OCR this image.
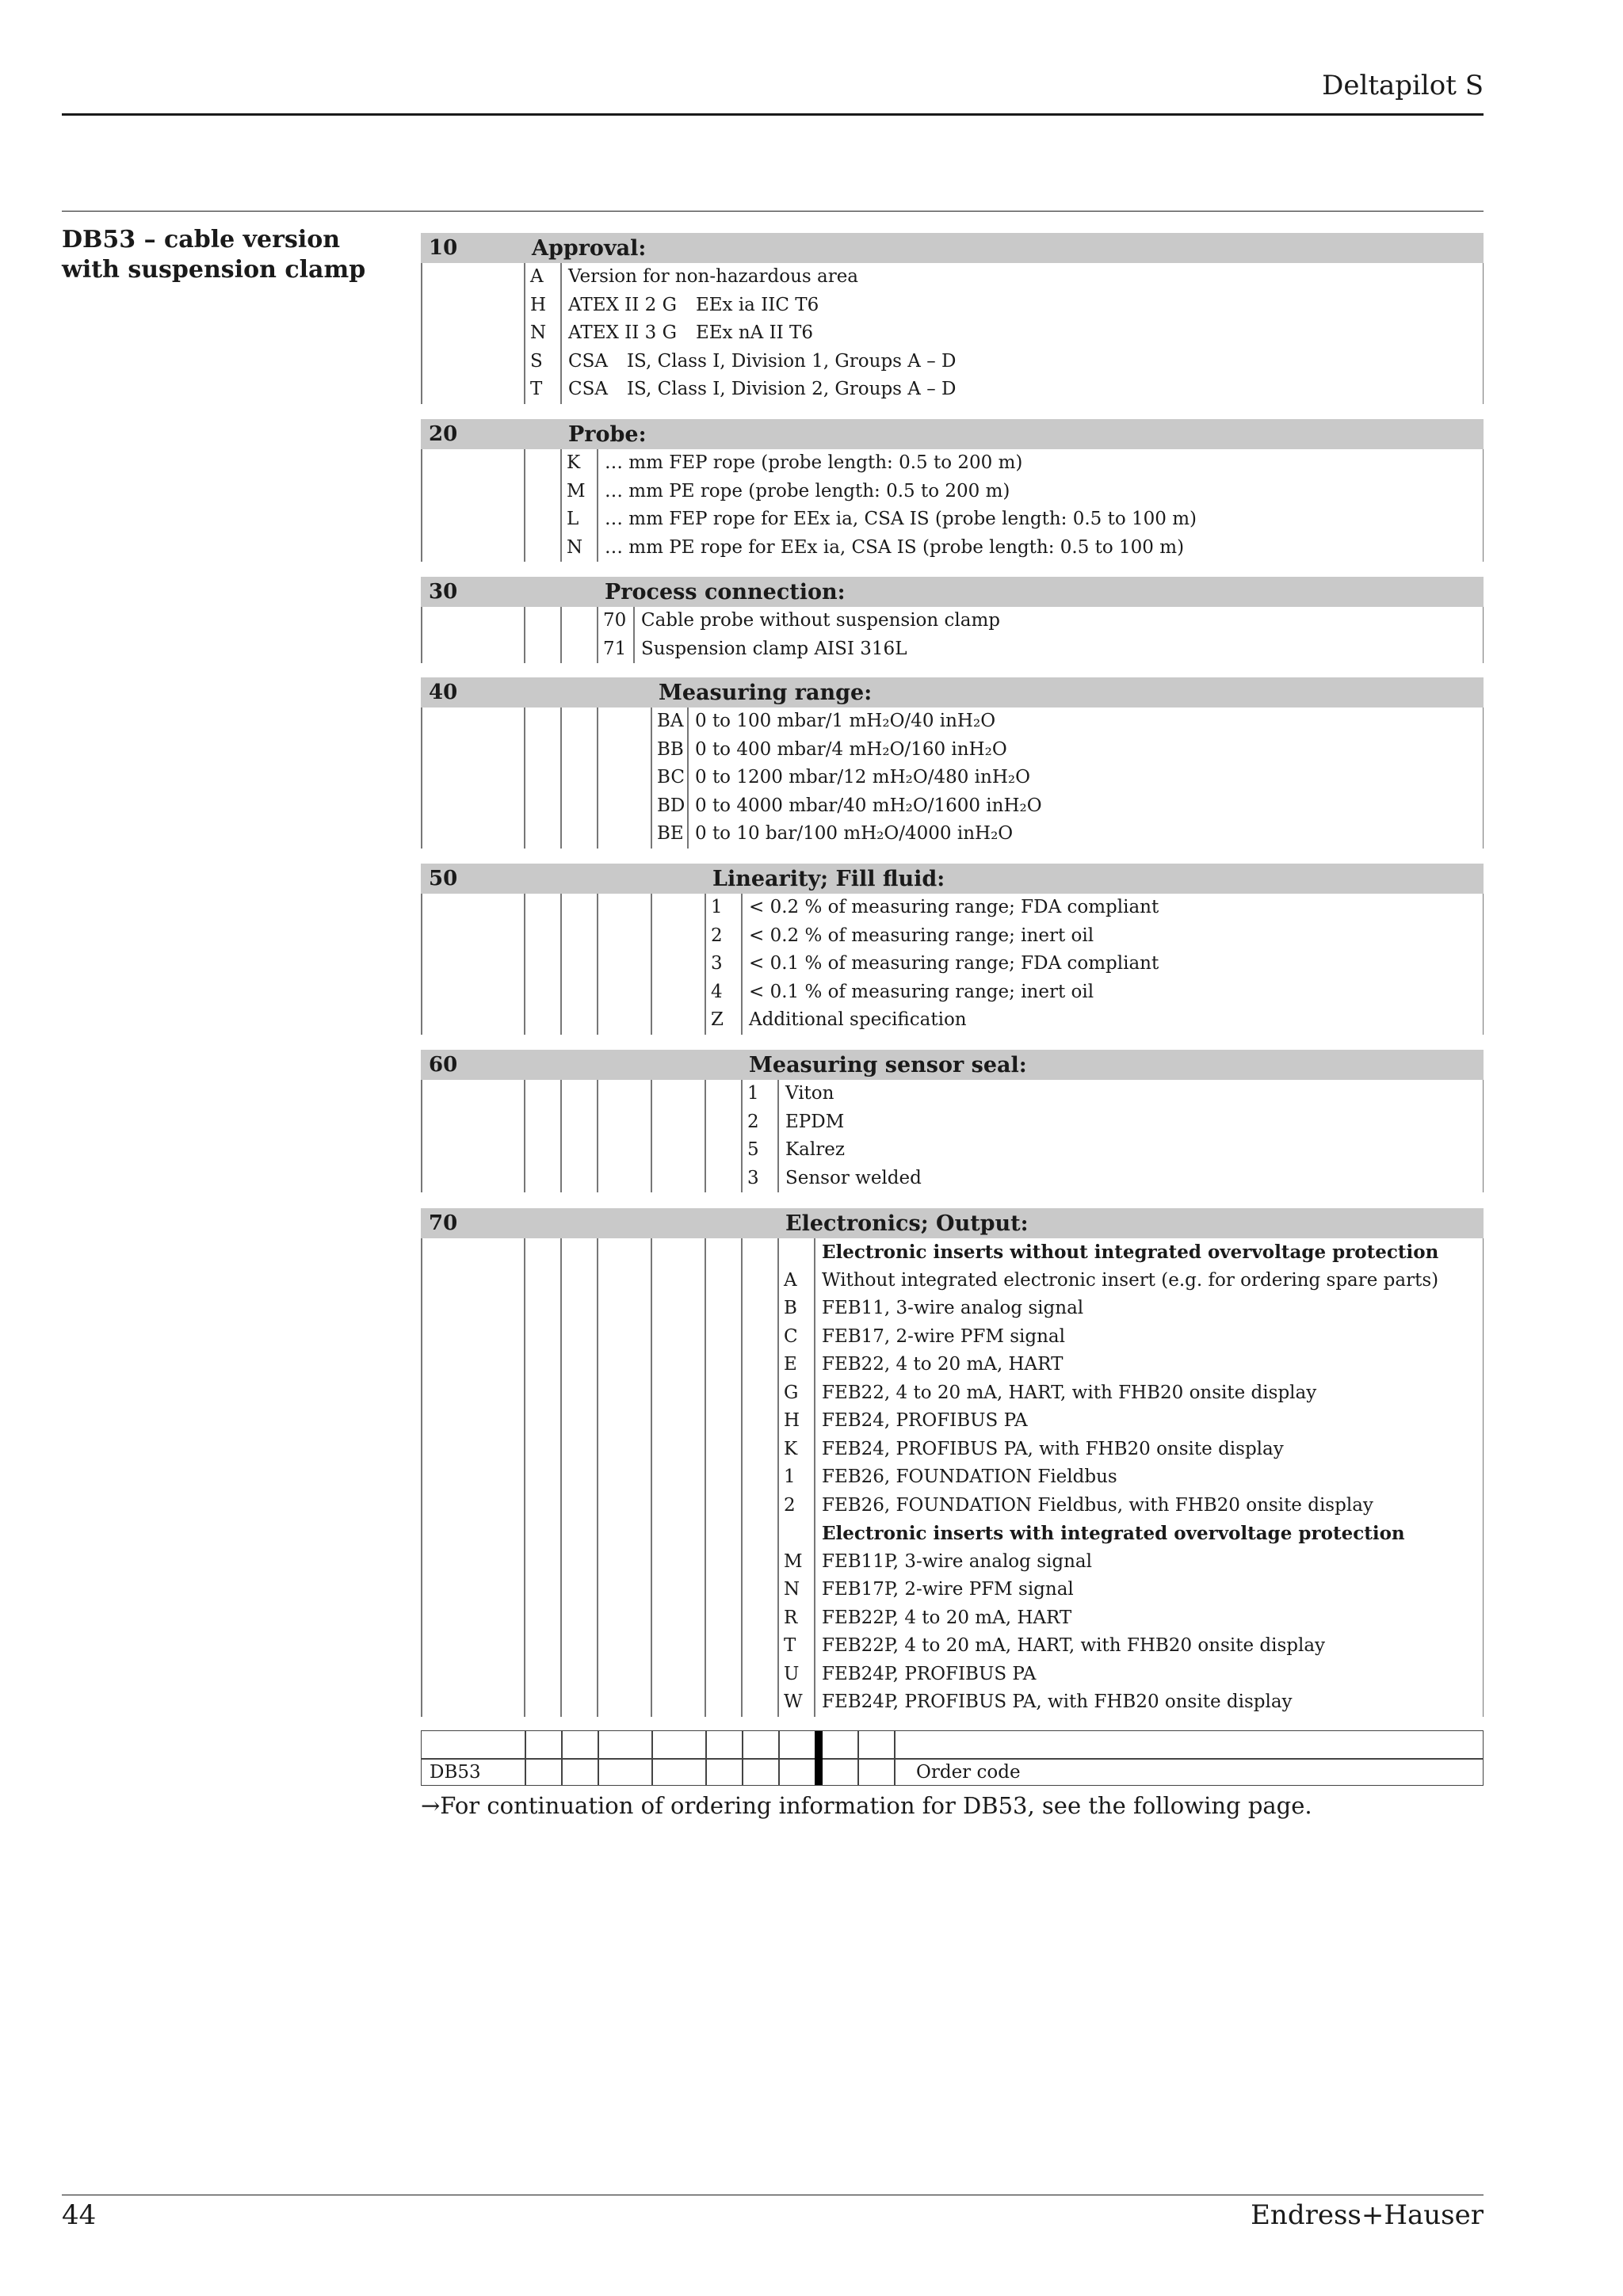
Deltapilot S
DB53 – cable version with suspension clamp
10	Approval:
A Version for non-hazardous area
H ATEX II 2 G EEx ia IIC T6
N ATEX II 3 G EEx nA II T6
S CSA IS, Class I, Division 1, Groups A – D
T CSA IS, Class I, Division 2, Groups A – D
20	Probe:
K … mm FEP rope (probe length: 0.5 to 200 m)
M … mm PE rope (probe length: 0.5 to 200 m)
L … mm FEP rope for EEx ia, CSA IS (probe length: 0.5 to 100 m)
N … mm PE rope for EEx ia, CSA IS (probe length: 0.5 to 100 m)
30	Process connection:
70 Cable probe without suspension clamp
71 Suspension clamp AISI 316L
40	Measuring range:
BA 0 to 100 mbar/1 mH₂O/40 inH₂O
BB 0 to 400 mbar/4 mH₂O/160 inH₂O
BC 0 to 1200 mbar/12 mH₂O/480 inH₂O
BD 0 to 4000 mbar/40 mH₂O/1600 inH₂O
BE 0 to 10 bar/100 mH₂O/4000 inH₂O
50	Linearity; Fill fluid:
1 < 0.2 % of measuring range; FDA compliant
2 < 0.2 % of measuring range; inert oil
3 < 0.1 % of measuring range; FDA compliant
4 < 0.1 % of measuring range; inert oil
Z Additional specification
60	Measuring sensor seal:
1 Viton
2 EPDM
5 Kalrez
3 Sensor welded
70	Electronics; Output:
Electronic inserts without integrated overvoltage protection
A Without integrated electronic insert (e.g. for ordering spare parts)
B FEB11, 3-wire analog signal
C FEB17, 2-wire PFM signal
E FEB22, 4 to 20 mA, HART
G FEB22, 4 to 20 mA, HART, with FHB20 onsite display
H FEB24, PROFIBUS PA
K FEB24, PROFIBUS PA, with FHB20 onsite display
1 FEB26, FOUNDATION Fieldbus
2 FEB26, FOUNDATION Fieldbus, with FHB20 onsite display
Electronic inserts with integrated overvoltage protection
M FEB11P, 3-wire analog signal
N FEB17P, 2-wire PFM signal
R FEB22P, 4 to 20 mA, HART
T FEB22P, 4 to 20 mA, HART, with FHB20 onsite display
U FEB24P, PROFIBUS PA
W FEB24P, PROFIBUS PA, with FHB20 onsite display
DB53	Order code
→For continuation of ordering information for DB53, see the following page.
44	Endress+Hauser
